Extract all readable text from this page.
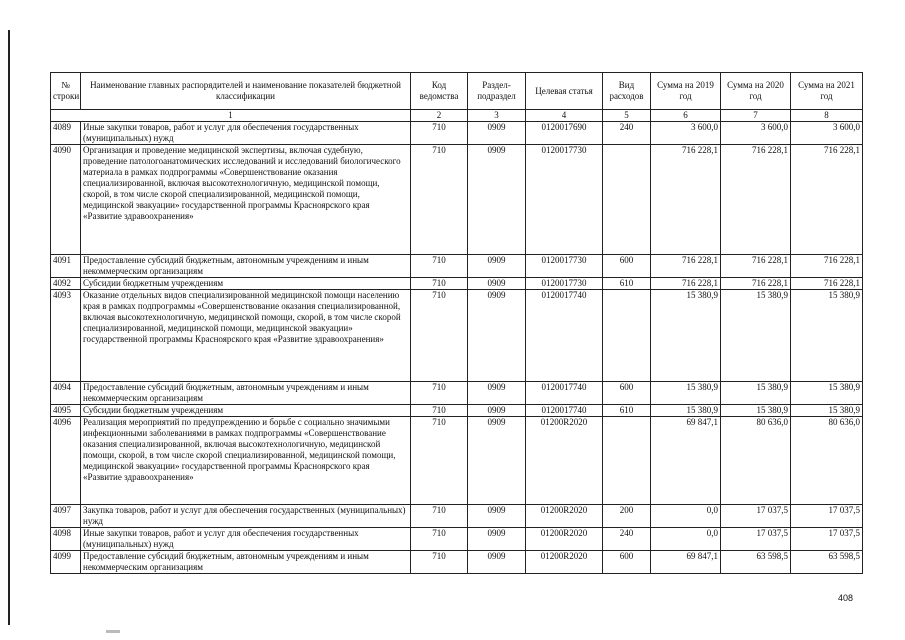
№ строки	Наименование главных распорядителей и наименование показателей бюджетной классификации	Код ведомства	Раздел-подраздел	Целевая статья	Вид расходов	Сумма на 2019 год	Сумма на 2020 год	Сумма на 2021 год
1		2	3	4	5	6	7	8
4089	Иные закупки товаров, работ и услуг для обеспечения государственных (муниципальных) нужд	710	0909	0120017690	240	3 600,0	3 600,0	3 600,0
4090	Организация и проведение медицинской экспертизы, включая судебную, проведение патологоанатомических исследований и исследований биологического материала в рамках подпрограммы «Совершенствование оказания специализированной, включая высокотехнологичную, медицинской помощи, скорой, в том числе скорой специализированной, медицинской помощи, медицинской эвакуации» государственной программы Красноярского края «Развитие здравоохранения»	710	0909	0120017730		716 228,1	716 228,1	716 228,1
4091	Предоставление субсидий бюджетным, автономным учреждениям и иным некоммерческим организациям	710	0909	0120017730	600	716 228,1	716 228,1	716 228,1
4092	Субсидии бюджетным учреждениям	710	0909	0120017730	610	716 228,1	716 228,1	716 228,1
4093	Оказание отдельных видов специализированной медицинской помощи населению края в рамках подпрограммы «Совершенствование оказания специализированной, включая высокотехнологичную, медицинской помощи, скорой, в том числе скорой специализированной, медицинской помощи, медицинской эвакуации» государственной программы Красноярского края «Развитие здравоохранения»	710	0909	0120017740		15 380,9	15 380,9	15 380,9
4094	Предоставление субсидий бюджетным, автономным учреждениям и иным некоммерческим организациям	710	0909	0120017740	600	15 380,9	15 380,9	15 380,9
4095	Субсидии бюджетным учреждениям	710	0909	0120017740	610	15 380,9	15 380,9	15 380,9
4096	Реализация мероприятий по предупреждению и борьбе с социально значимыми инфекционными заболеваниями в рамках подпрограммы «Совершенствование оказания специализированной, включая высокотехнологичную, медицинской помощи, скорой, в том числе скорой специализированной, медицинской помощи, медицинской эвакуации» государственной программы Красноярского края «Развитие здравоохранения»	710	0909	01200R2020		69 847,1	80 636,0	80 636,0
4097	Закупка товаров, работ и услуг для обеспечения государственных (муниципальных) нужд	710	0909	01200R2020	200	0,0	17 037,5	17 037,5
4098	Иные закупки товаров, работ и услуг для обеспечения государственных (муниципальных) нужд	710	0909	01200R2020	240	0,0	17 037,5	17 037,5
4099	Предоставление субсидий бюджетным, автономным учреждениям и иным некоммерческим организациям	710	0909	01200R2020	600	69 847,1	63 598,5	63 598,5
408
